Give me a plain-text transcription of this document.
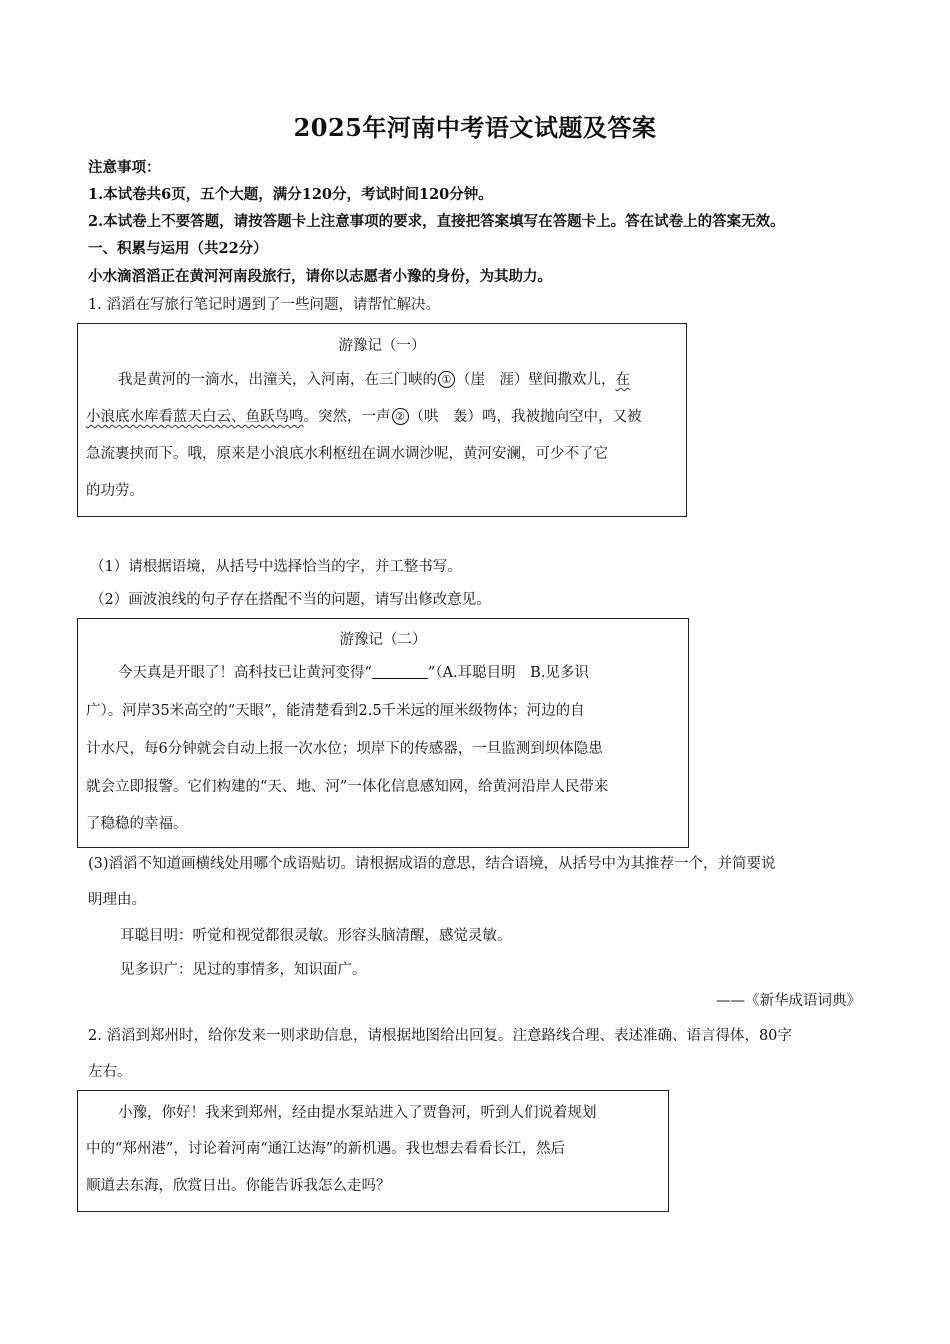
2025年河南中考语文试题及答案
注意事项：
1.本试卷共6页，五个大题，满分120分，考试时间120分钟。
2.本试卷上不要答题，请按答题卡上注意事项的要求，直接把答案填写在答题卡上。答在试卷上的答案无效。
一、积累与运用（共22分）
小水滴滔滔正在黄河河南段旅行，请你以志愿者小豫的身份，为其助力。
1. 滔滔在写旅行笔记时遇到了一些问题，请帮忙解决。
游豫记（一）
我是黄河的一滴水，出潼关，入河南，在三门峡的 ① （崖　涯）壁间撒欢儿，在
小浪底水库看蓝天白云、鱼跃鸟鸣。突然，一声 ② （哄　轰）鸣，我被抛向空中，又被
急流裹挟而下。哦，原来是小浪底水利枢纽在调水调沙呢，黄河安澜，可少不了它
的功劳。
（1）请根据语境，从括号中选择恰当的字，并工整书写。
（2）画波浪线的句子存在搭配不当的问题，请写出修改意见。
游豫记（二）
今天真是开眼了！高科技已让黄河变得“	”（A.耳聪目明　B.见多识
广）。河岸35米高空的“天眼”，能清楚看到2.5千米远的厘米级物体；河边的自
计水尺，每6分钟就会自动上报一次水位；坝岸下的传感器，一旦监测到坝体隐患
就会立即报警。它们构建的“天、地、河”一体化信息感知网，给黄河沿岸人民带来
了稳稳的幸福。
(3)滔滔不知道画横线处用哪个成语贴切。请根据成语的意思，结合语境，从括号中为其推荐一个，并简要说
明理由。
耳聪目明：听觉和视觉都很灵敏。形容头脑清醒，感觉灵敏。
见多识广：见过的事情多，知识面广。
——《新华成语词典》
2. 滔滔到郑州时，给你发来一则求助信息，请根据地图给出回复。注意路线合理、表述准确、语言得体，80字
左右。
小豫，你好！我来到郑州，经由提水泵站进入了贾鲁河，听到人们说着规划
中的“郑州港”，讨论着河南“通江达海”的新机遇。我也想去看看长江，然后
顺道去东海，欣赏日出。你能告诉我怎么走吗？
